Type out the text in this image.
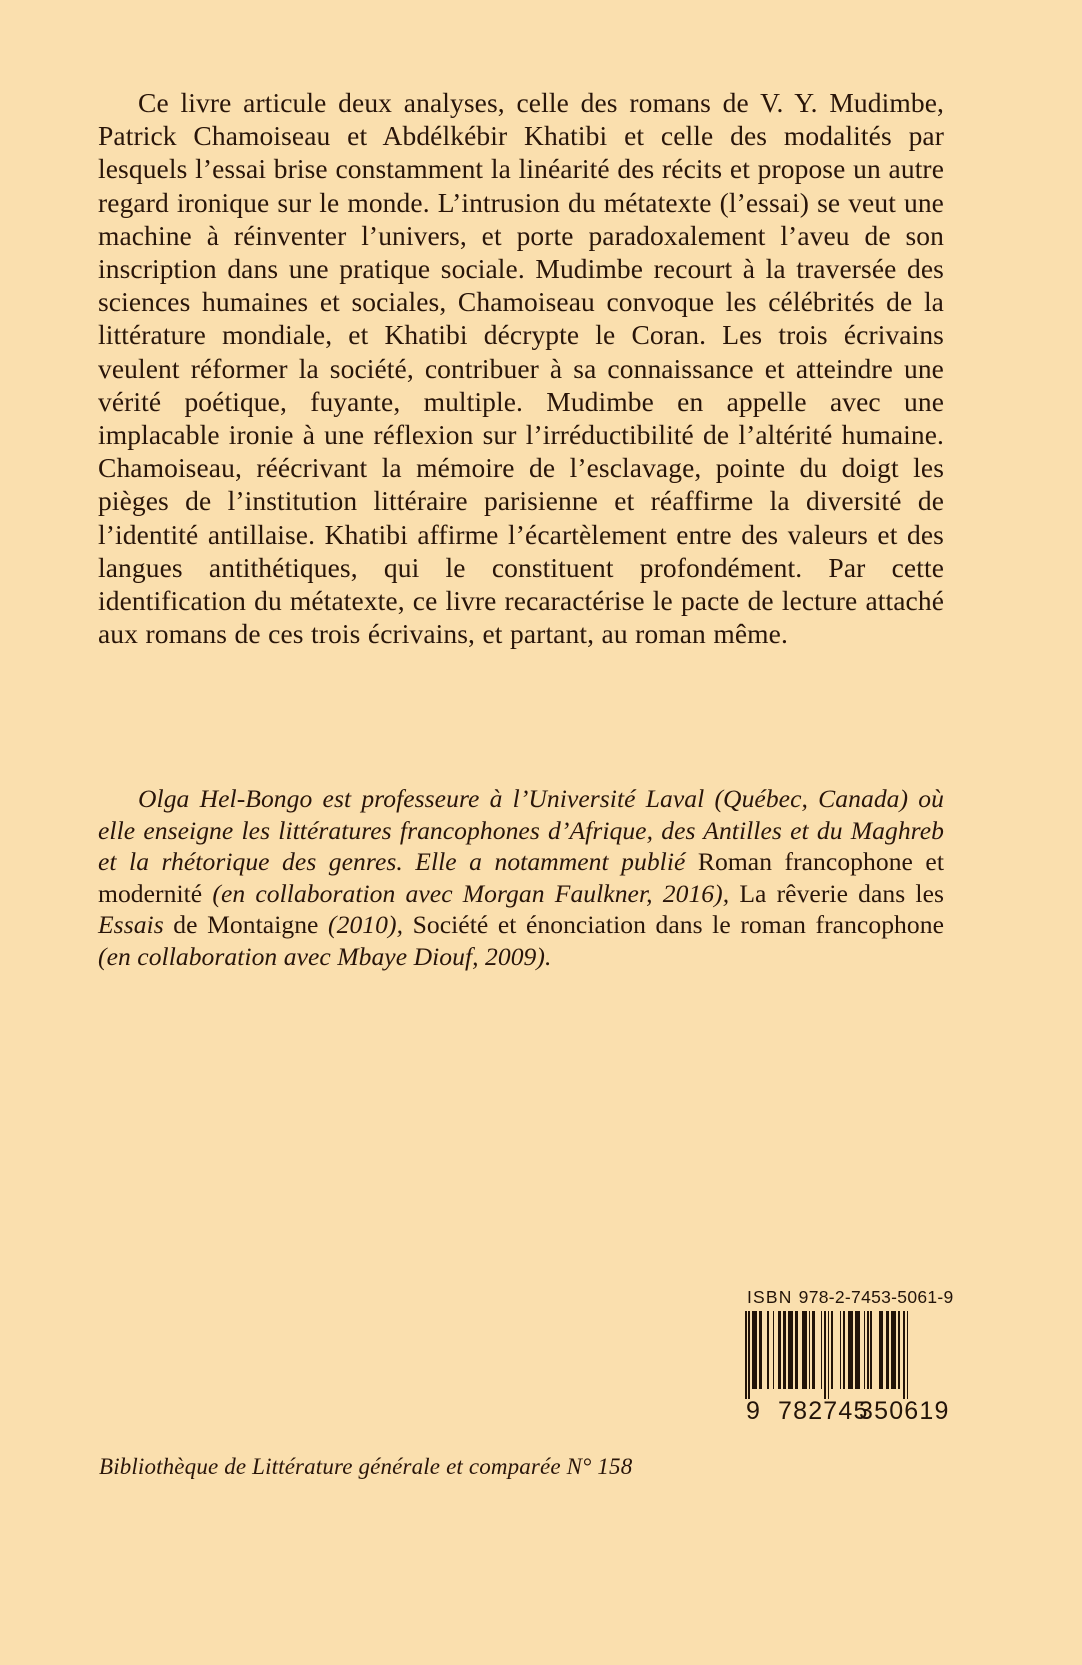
Ce livre articule deux analyses, celle des romans de V. Y. Mudimbe, Patrick Chamoiseau et Abdélkébir Khatibi et celle des modalités par lesquels l’essai brise constamment la linéarité des récits et propose un autre regard ironique sur le monde. L’intrusion du métatexte (l’essai) se veut une machine à réinventer l’univers, et porte paradoxalement l’aveu de son inscription dans une pratique sociale. Mudimbe recourt à la traversée des sciences humaines et sociales, Chamoiseau convoque les célébrités de la littérature mondiale, et Khatibi décrypte le Coran. Les trois écrivains veulent réformer la société, contribuer à sa connaissance et atteindre une vérité poétique, fuyante, multiple. Mudimbe en appelle avec une implacable ironie à une réflexion sur l’irréductibilité de l’altérité humaine. Chamoiseau, réécrivant la mémoire de l’esclavage, pointe du doigt les pièges de l’institution littéraire parisienne et réaffirme la diversité de l’identité antillaise. Khatibi affirme l’écartèlement entre des valeurs et des langues antithétiques, qui le constituent profondément. Par cette identification du métatexte, ce livre recaractérise le pacte de lecture attaché aux romans de ces trois écrivains, et partant, au roman même.

Olga Hel-Bongo est professeure à l’Université Laval (Québec, Canada) où elle enseigne les littératures francophones d’Afrique, des Antilles et du Maghreb et la rhétorique des genres. Elle a notamment publié Roman francophone et modernité (en collaboration avec Morgan Faulkner, 2016), La rêverie dans les Essais de Montaigne (2010), Société et énonciation dans le roman francophone (en collaboration avec Mbaye Diouf, 2009).

Bibliothèque de Littérature générale et comparée N° 158
ISBN 978-2-7453-5061-9
9 782745
350619
